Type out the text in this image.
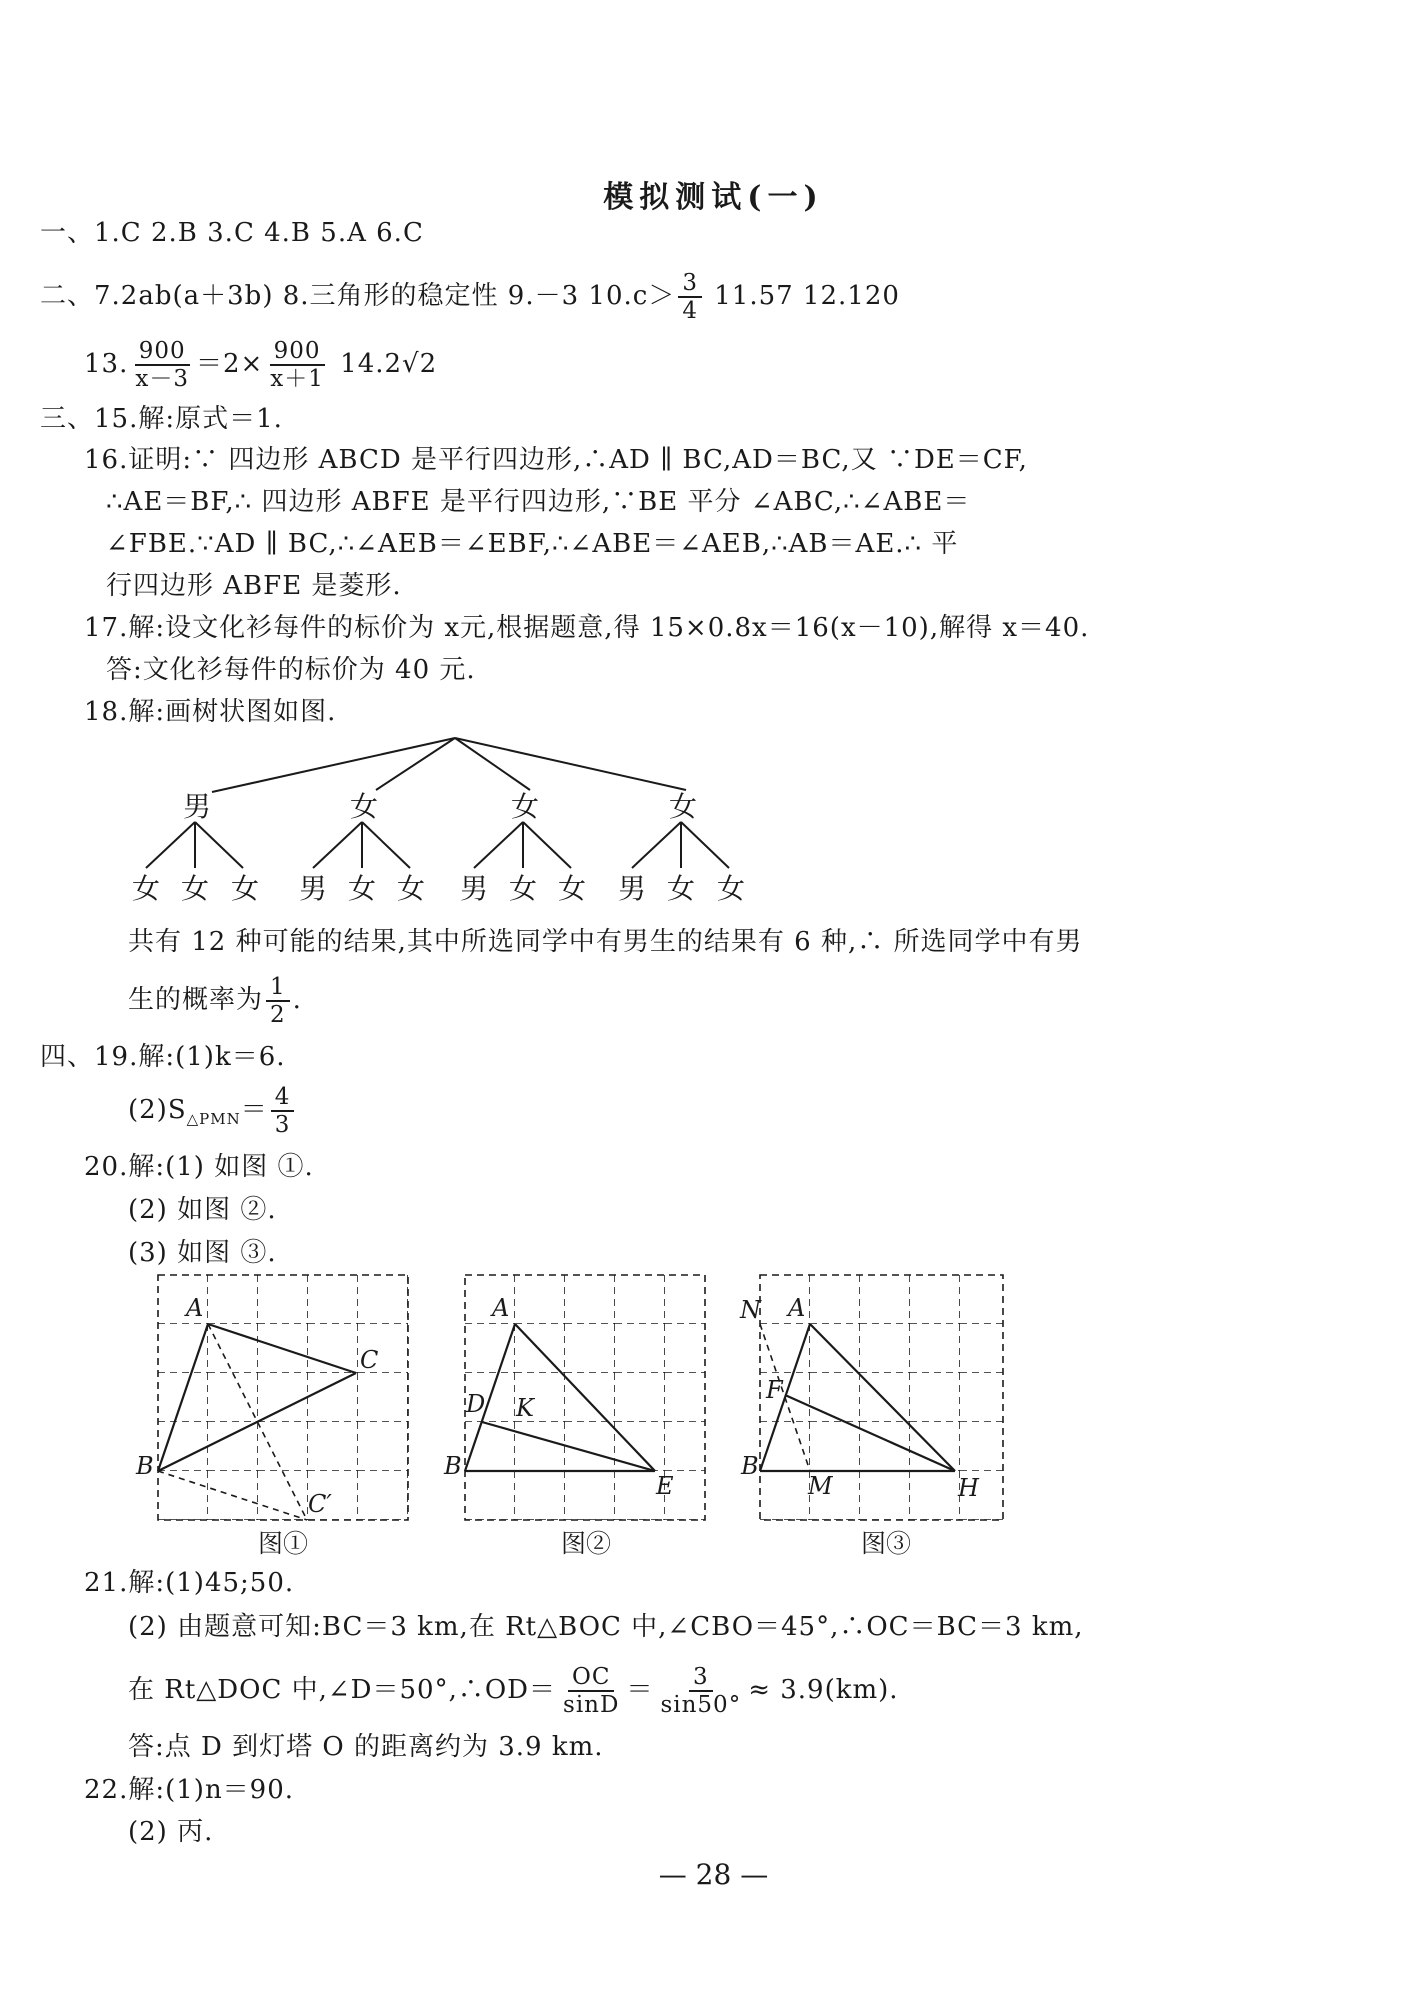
模拟测试(一)
一、1.C 2.B 3.C 4.B 5.A 6.C
二、7.2ab(a＋3b) 8.三角形的稳定性 9.－3 $10.c> \frac{3}{4} 11.57$ 12.120
13. $\frac{900}{x-3} =2\times \frac{900}{x+1} 14.2√2$
三、15.解:原式＝1.
16.证明:∵ 四边形 ABCD 是平行四边形,∴AD ∥ BC,AD＝BC,又 ∵DE＝CF,
∴AE＝BF,∴ 四边形 ABFE 是平行四边形,∵BE 平分 ∠ABC,∴∠ABE＝
∠FBE.∵AD ∥ BC,∴∠AEB＝∠EBF,∴∠ABE＝∠AEB,∴AB＝AE.∴ 平
行四边形 ABFE 是菱形.
17.解:设文化衫每件的标价为 x元,根据题意,得 15×0.8x＝16(x－10),解得 x＝40.
答:文化衫每件的标价为 40 元.
18.解:画树状图如图.
男	女	女	女
女 女 女 男 女 女 男 女 女 男 女 女
共有 12 种可能的结果,其中所选同学中有男生的结果有 6 种,∴ 所选同学中有男
生的概率为 $\frac{1}{2}$ .
四、19.解:(1)k＝6.
$(2)S_{\triangle PMN}= \frac{4}{3}$
20.解:(1) 如图 ①.
(2) 如图 ②.
(3) 如图 ③.
A
C
B
C′
图①
A
D K
B
E
图②
N A
F
B
M	H
图③
21.解:(1)45;50.
(2) 由题意可知:BC＝3 km,在 Rt△BOC 中,∠CBO＝45°,∴OC＝BC＝3 km,
在 Rt△DOC 中,∠D＝50°,∴OD＝ $\frac{OC}{\sin D} = \frac{3}{\sin 50^\circ} \approx 3.9(km)$.
答:点 D 到灯塔 O 的距离约为 3.9 km.
22.解:(1)n＝90.
(2) 丙.
— 28 —
